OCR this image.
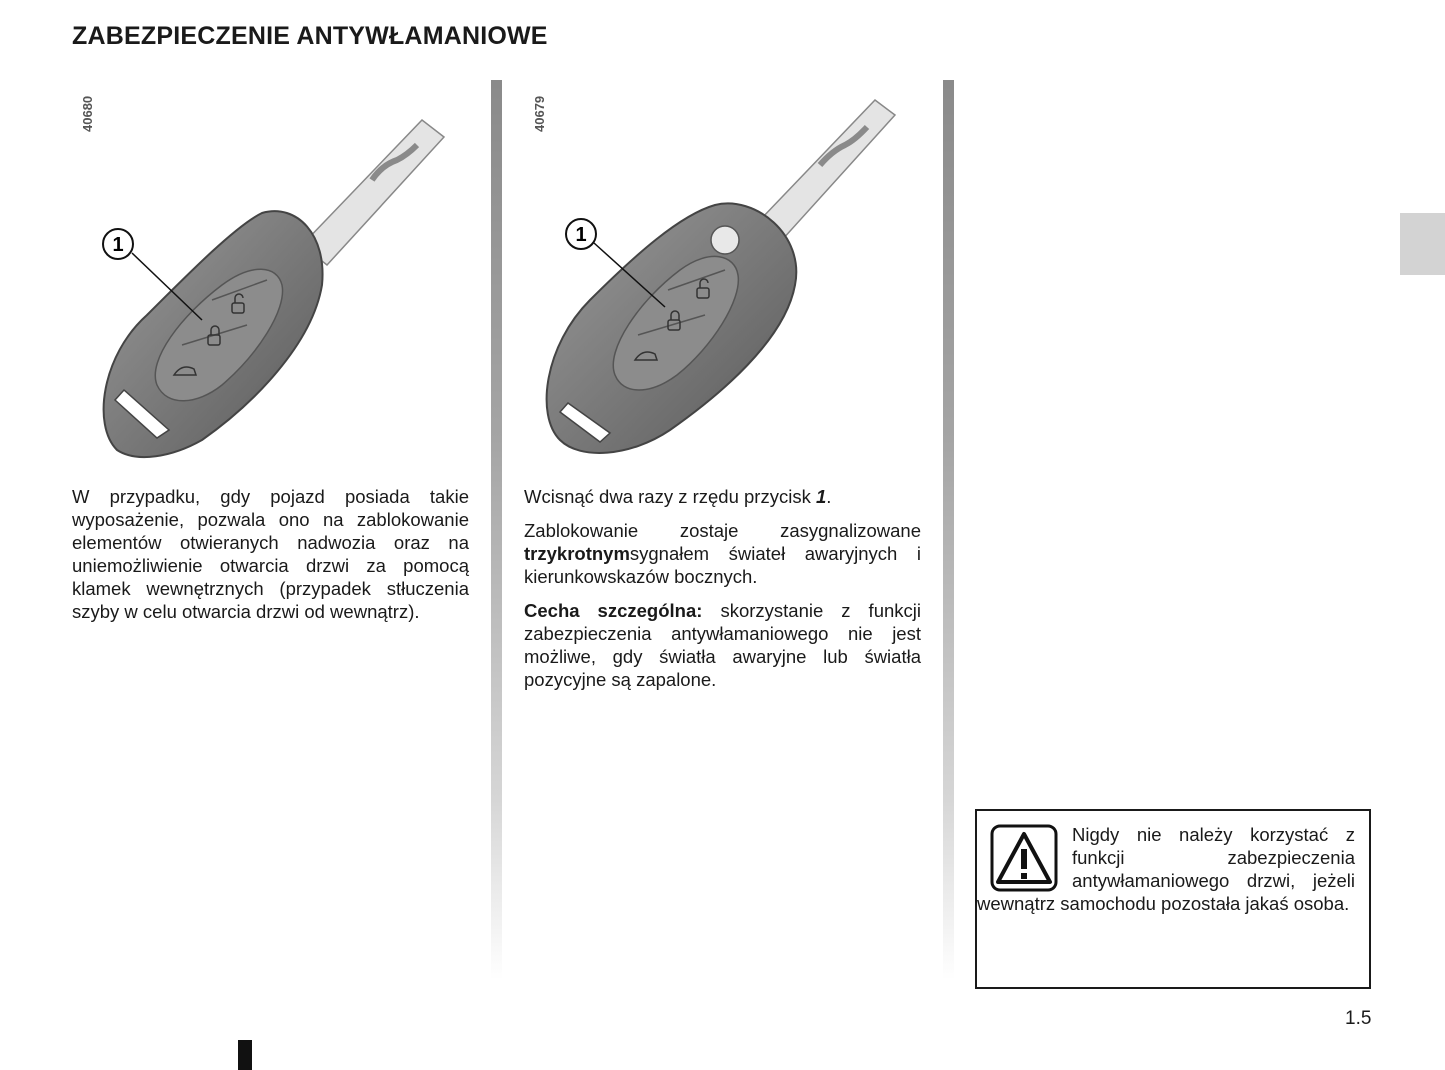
ZABEZPIECZENIE ANTYWŁAMANIOWE
40680
1
40679
1

W przypadku, gdy pojazd posiada takie wyposażenie, pozwala ono na zablokowanie elementów otwieranych nadwozia oraz na uniemożliwienie otwarcia drzwi za pomocą klamek wewnętrznych (przypadek stłuczenia szyby w celu otwarcia drzwi od wewnątrz).

Wcisnąć dwa razy z rzędu przycisk 1.

Zablokowanie zostaje zasygnalizowane trzykrotnymsygnałem świateł awaryjnych i kierunkowskazów bocznych.

Cecha szczególna: skorzystanie z funkcji zabezpieczenia antywłamaniowego nie jest możliwe, gdy światła awaryjne lub światła pozycyjne są zapalone.

Nigdy nie należy korzystać z funkcji zabezpieczenia antywłamaniowego drzwi, jeżeli wewnątrz samochodu pozostała jakaś osoba.
1.5
